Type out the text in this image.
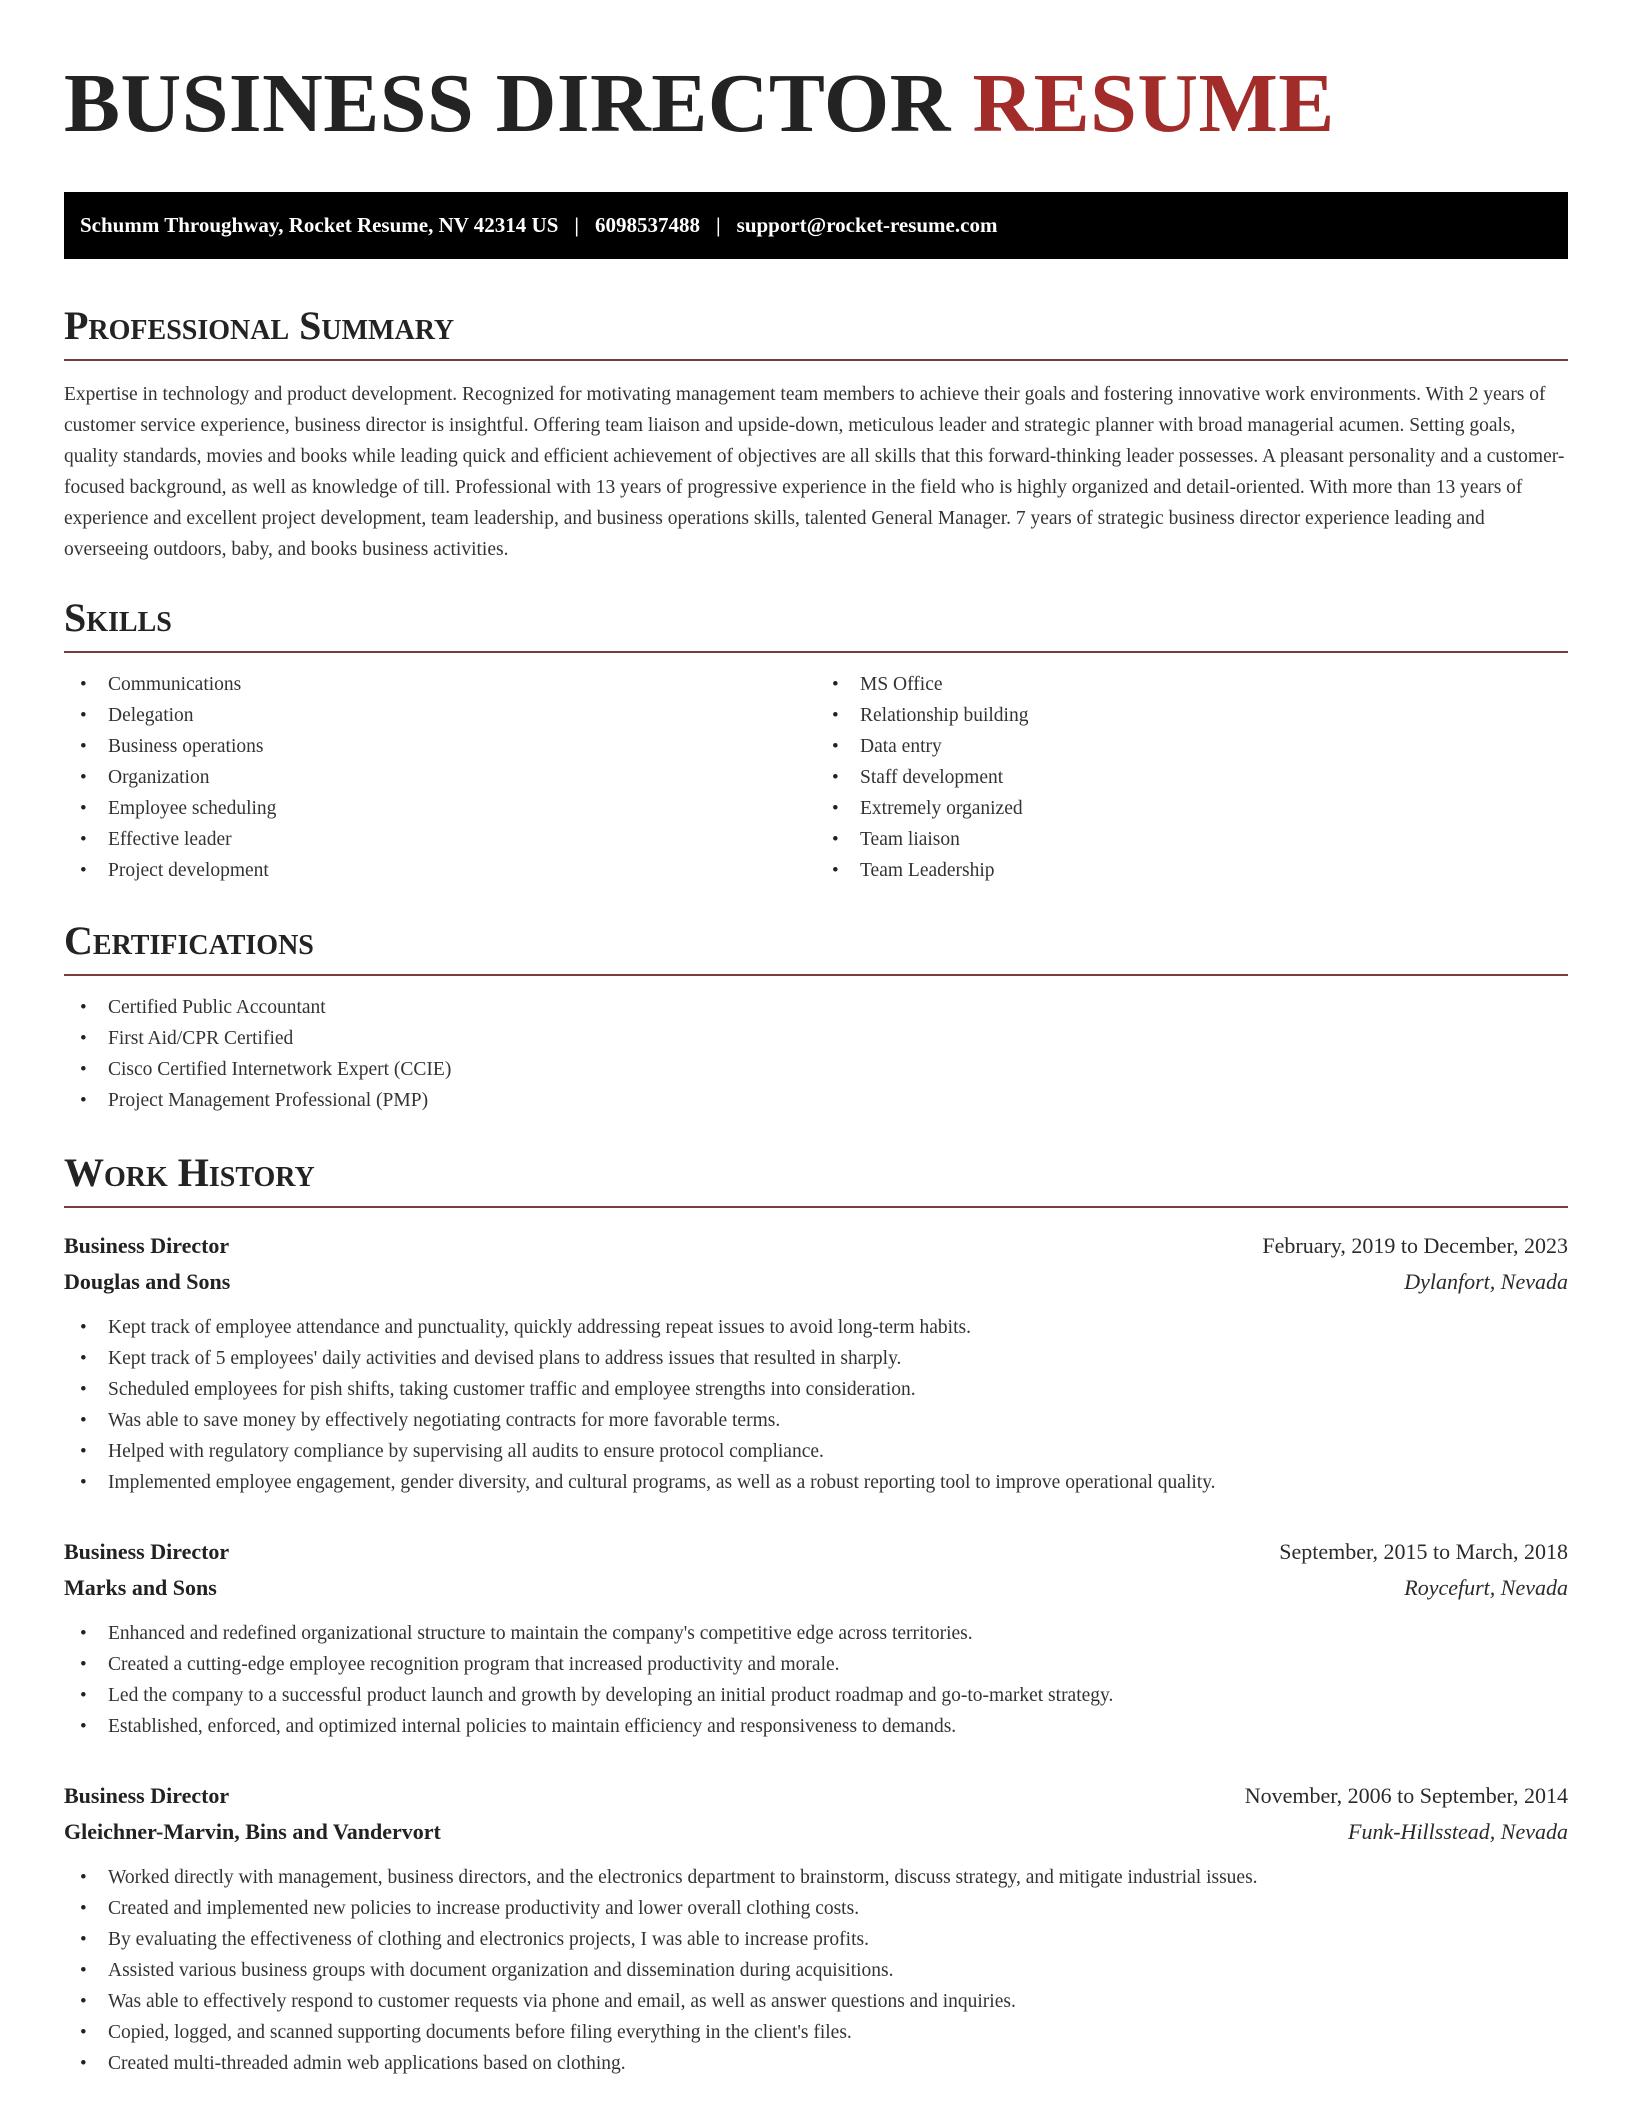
BUSINESS DIRECTOR RESUME
Schumm Throughway, Rocket Resume, NV 42314 US | 6098537488 | support@rocket-resume.com
Professional Summary

Expertise in technology and product development. Recognized for motivating management team members to achieve their goals and fostering innovative work environments. With 2 years of customer service experience, business director is insightful. Offering team liaison and upside-down, meticulous leader and strategic planner with broad managerial acumen. Setting goals, quality standards, movies and books while leading quick and efficient achievement of objectives are all skills that this forward-thinking leader possesses. A pleasant personality and a customer-focused background, as well as knowledge of till. Professional with 13 years of progressive experience in the field who is highly organized and detail-oriented. With more than 13 years of experience and excellent project development, team leadership, and business operations skills, talented General Manager. 7 years of strategic business director experience leading and overseeing outdoors, baby, and books business activities.

Skills
• Communications
• Delegation
• Business operations
• Organization
• Employee scheduling
• Effective leader
• Project development
• MS Office
• Relationship building
• Data entry
• Staff development
• Extremely organized
• Team liaison
• Team Leadership
Certifications
• Certified Public Accountant
• First Aid/CPR Certified
• Cisco Certified Internetwork Expert (CCIE)
• Project Management Professional (PMP)
Work History
Business Director	February, 2019 to December, 2023
Douglas and Sons	Dylanfort, Nevada
• Kept track of employee attendance and punctuality, quickly addressing repeat issues to avoid long-term habits.
• Kept track of 5 employees' daily activities and devised plans to address issues that resulted in sharply.
• Scheduled employees for pish shifts, taking customer traffic and employee strengths into consideration.
• Was able to save money by effectively negotiating contracts for more favorable terms.
• Helped with regulatory compliance by supervising all audits to ensure protocol compliance.
• Implemented employee engagement, gender diversity, and cultural programs, as well as a robust reporting tool to improve operational quality.
Business Director	September, 2015 to March, 2018
Marks and Sons	Roycefurt, Nevada
• Enhanced and redefined organizational structure to maintain the company's competitive edge across territories.
• Created a cutting-edge employee recognition program that increased productivity and morale.
• Led the company to a successful product launch and growth by developing an initial product roadmap and go-to-market strategy.
• Established, enforced, and optimized internal policies to maintain efficiency and responsiveness to demands.
Business Director	November, 2006 to September, 2014
Gleichner-Marvin, Bins and Vandervort	Funk-Hillsstead, Nevada
• Worked directly with management, business directors, and the electronics department to brainstorm, discuss strategy, and mitigate industrial issues.
• Created and implemented new policies to increase productivity and lower overall clothing costs.
• By evaluating the effectiveness of clothing and electronics projects, I was able to increase profits.
• Assisted various business groups with document organization and dissemination during acquisitions.
• Was able to effectively respond to customer requests via phone and email, as well as answer questions and inquiries.
• Copied, logged, and scanned supporting documents before filing everything in the client's files.
• Created multi-threaded admin web applications based on clothing.
